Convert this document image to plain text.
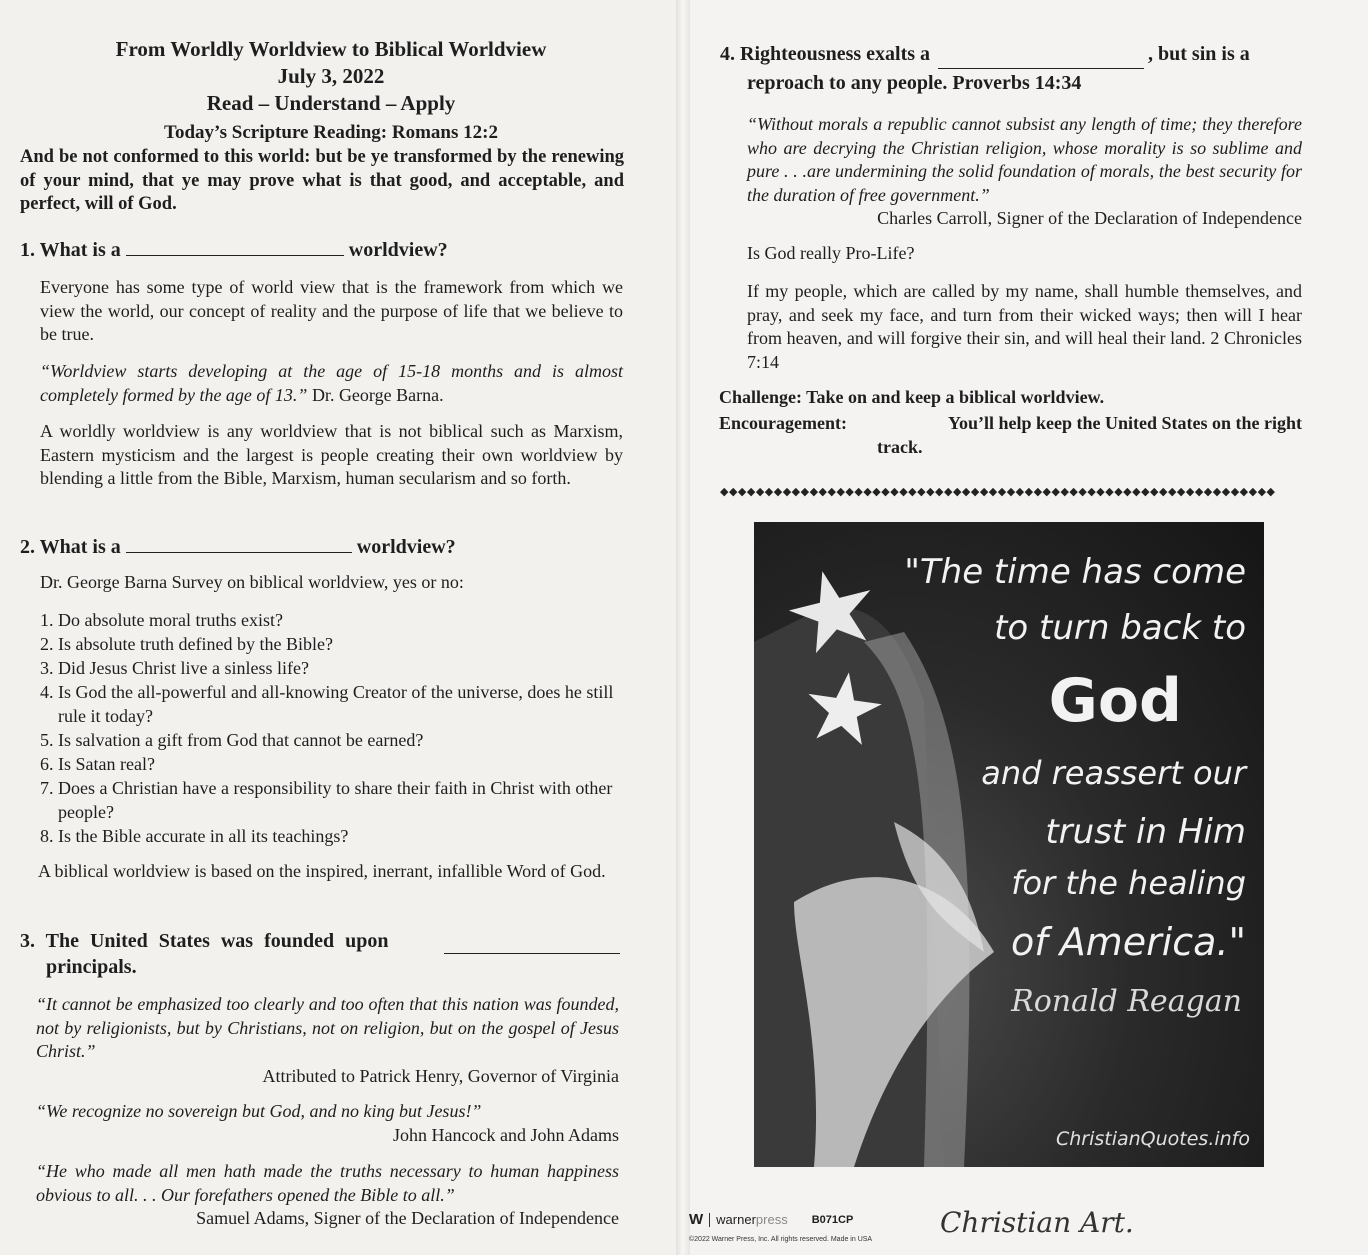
From Worldly Worldview to Biblical Worldview
July 3, 2022
Read – Understand – Apply
Today’s Scripture Reading: Romans 12:2
And be not conformed to this world: but be ye transformed by the renewing of your mind, that ye may prove what is that good, and acceptable, and perfect, will of God.
1. What is a	worldview?
Everyone has some type of world view that is the framework from which we view the world, our concept of reality and the purpose of life that we believe to be true.
“Worldview starts developing at the age of 15-18 months and is almost completely formed by the age of 13.” Dr. George Barna.
A worldly worldview is any worldview that is not biblical such as Marxism, Eastern mysticism and the largest is people creating their own worldview by blending a little from the Bible, Marxism, human secularism and so forth.
2. What is a	worldview?
Dr. George Barna Survey on biblical worldview, yes or no:
1. Do absolute moral truths exist?
2. Is absolute truth defined by the Bible?
3. Did Jesus Christ live a sinless life?
4. Is God the all-powerful and all-knowing Creator of the universe, does he still rule it today?
5. Is salvation a gift from God that cannot be earned?
6. Is Satan real?
7. Does a Christian have a responsibility to share their faith in Christ with other people?
8. Is the Bible accurate in all its teachings?
A biblical worldview is based on the inspired, inerrant, infallible Word of God.
3. The United States was founded upon
principals.
“It cannot be emphasized too clearly and too often that this nation was founded, not by religionists, but by Christians, not on religion, but on the gospel of Jesus Christ.”
Attributed to Patrick Henry, Governor of Virginia
“We recognize no sovereign but God, and no king but Jesus!”
John Hancock and John Adams
“He who made all men hath made the truths necessary to human happiness obvious to all. . . Our forefathers opened the Bible to all.”
Samuel Adams, Signer of the Declaration of Independence
4. Righteousness exalts a	, but sin is a
reproach to any people. Proverbs 14:34
“Without morals a republic cannot subsist any length of time; they therefore who are decrying the Christian religion, whose morality is so sublime and pure . . .are undermining the solid foundation of morals, the best security for the duration of free government.”
Charles Carroll, Signer of the Declaration of Independence
Is God really Pro-Life?
If my people, which are called by my name, shall humble themselves, and pray, and seek my face, and turn from their wicked ways; then will I hear from heaven, and will forgive their sin, and will heal their land. 2 Chronicles 7:14
Challenge: Take on and keep a biblical worldview.
Encouragement:	You’ll help keep the United States on the right
track.
◆◆◆◆◆◆◆◆◆◆◆◆◆◆◆◆◆◆◆◆◆◆◆◆◆◆◆◆◆◆◆◆◆◆◆◆◆◆◆◆◆◆◆◆◆◆◆◆◆◆◆◆◆◆◆◆◆◆◆◆◆◆
"The time has come
to turn back to
God
and reassert our
trust in Him
for the healing
of America."
Ronald Reagan
ChristianQuotes.info
W warnerpress B071CP
©2022 Warner Press, Inc. All rights reserved. Made in USA
Christian Art.
